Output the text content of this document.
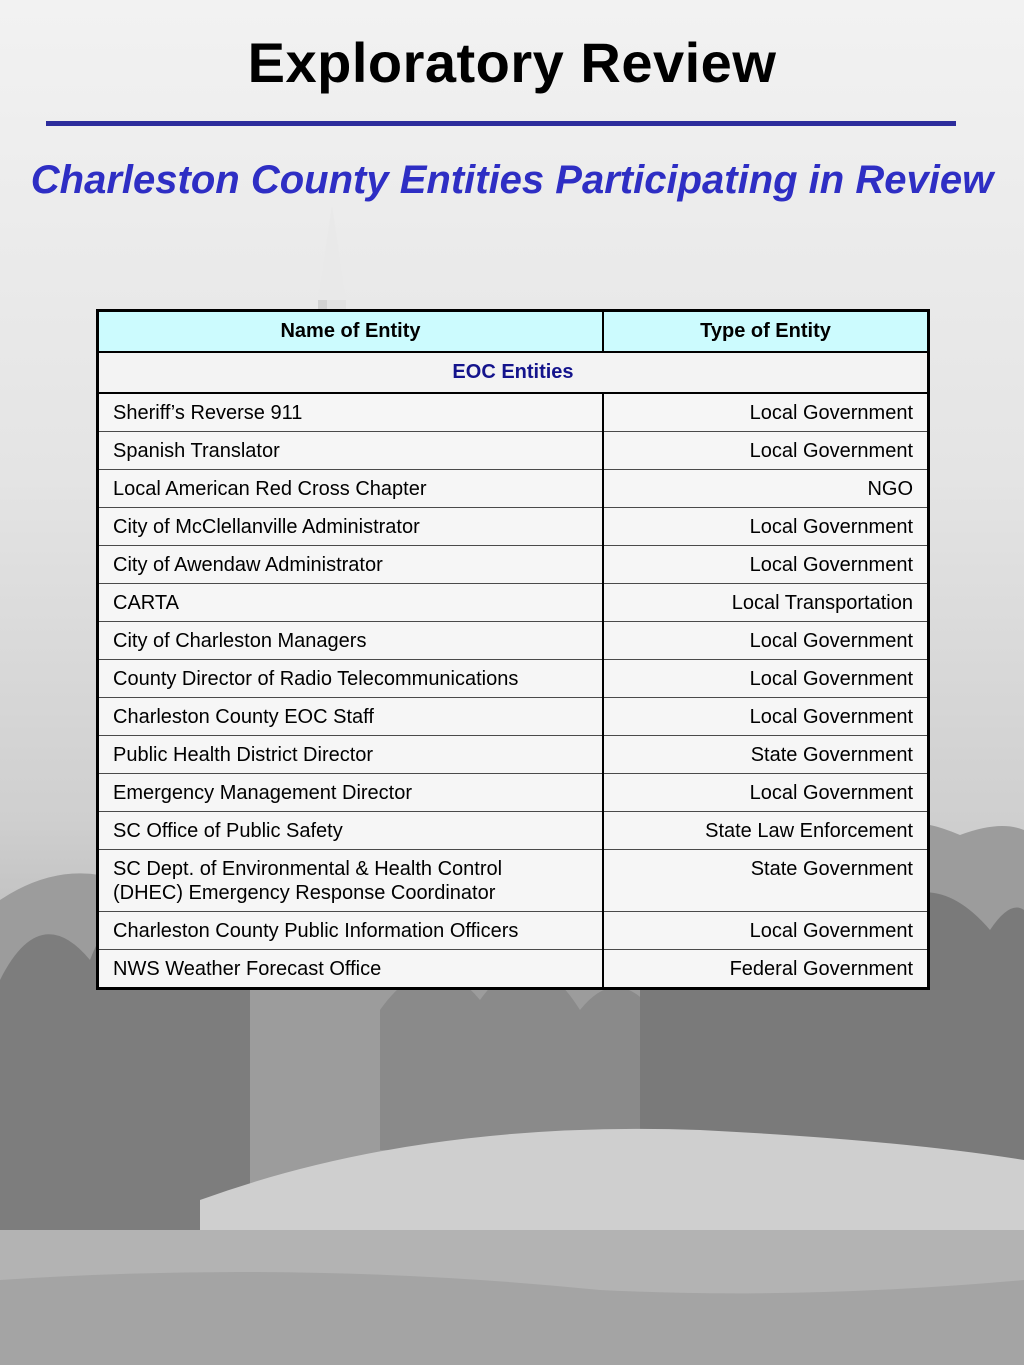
Exploratory Review
Charleston County Entities Participating in Review
Name of Entity	Type of Entity
EOC Entities	

Sheriff’s Reverse 911	Local Government

Spanish Translator	Local Government

Local American Red Cross Chapter	NGO

City of McClellanville Administrator	Local Government

City of Awendaw Administrator	Local Government

CARTA	Local Transportation

City of Charleston Managers	Local Government

County Director of Radio Telecommunications	Local Government

Charleston County EOC Staff	Local Government

Public Health District Director	State Government

Emergency Management Director	Local Government

SC Office of Public Safety	State Law Enforcement

SC Dept. of Environmental & Health Control
(DHEC) Emergency Response Coordinator	State Government

Charleston County Public Information Officers	Local Government

NWS Weather Forecast Office	Federal Government
